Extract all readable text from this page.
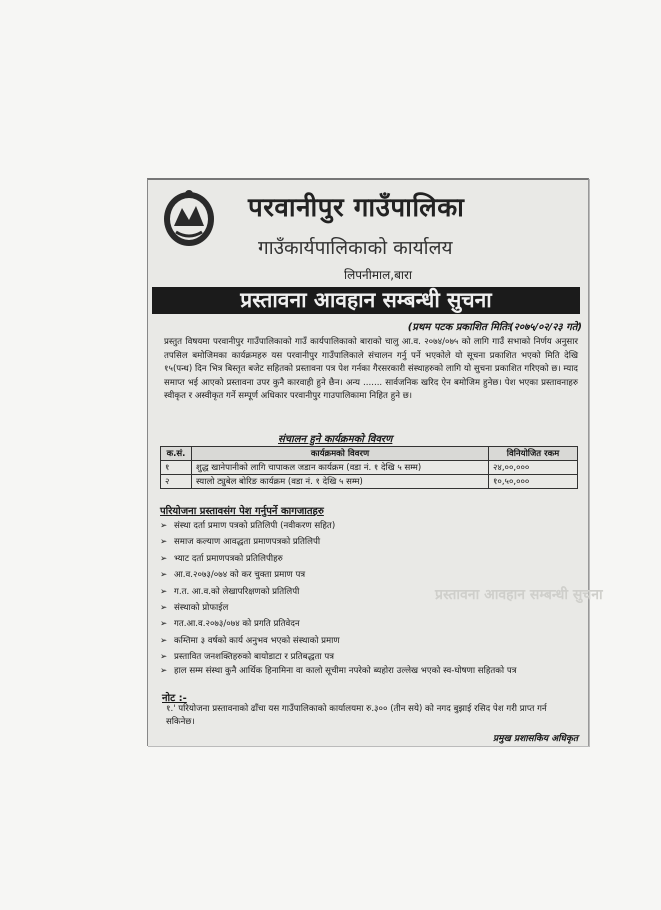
परवानीपुर गाउँपालिका
गाउँकार्यपालिकाको कार्यालय
लिपनीमाल,बारा
प्रस्तावना आवहान सम्बन्धी सुचना
(प्रथम पटक प्रकाशित मितिः(२०७५/०२/२३ गते)
प्रस्तुत विषयमा परवानीपुर गाउँपालिकाको गाउँ कार्यपालिकाको बाराको चालु आ.व. २०७४/०७५ को लागि गाउँ सभाको निर्णय अनुसार तपसिल बमोजिमका कार्यक्रमहरु यस परवानीपुर गाउँपालिकाले संचालन गर्नु पर्ने भएकोले यो सूचना प्रकाशित भएको मिति देखि १५(पन्ध) दिन भित्र बिस्तृत बजेट सहितको प्रस्तावना पत्र पेश गर्नका गैरसरकारी संस्थाहरुको लागि यो सुचना प्रकाशित गरिएको छ। म्याद समाप्त भई आएको प्रस्तावना उपर कुनै कारवाही हुने छैन। अन्य ....... सार्वजनिक खरिद ऐन बमोजिम हुनेछ। पेश भएका प्रस्तावनाहरु स्वीकृत र अस्वीकृत गर्ने सम्पूर्ण अधिकार परवानीपुर गाउपालिकामा निहित हुने छ।
संचालन हुने कार्यक्रमको विवरण
क.सं.	कार्यक्रमको विवरण	विनियोजित रकम
१	शुद्ध खानेपानीको लागि चापाकल जडान कार्यक्रम (वडा नं. १ देखि ५ सम्म)	२४,००,०००
२	स्यालो ट्युबेल बोरिङ कार्यक्रम (वडा नं. १ देखि ५ सम्म)	१०,५०,०००
परियोजना प्रस्तावसंग पेश गर्नुपर्ने कागजातहरु
➢ संस्था दर्ता प्रमाण पत्रको प्रतिलिपी (नवीकरण सहित)
➢ समाज कल्याण आवद्धता प्रमाणपत्रको प्रतिलिपी
➢ भ्याट दर्ता प्रमाणपत्रको प्रतिलिपीहरु
➢ आ.व.२०७३/०७४ को कर चुक्ता प्रमाण पत्र
➢ ग.त. आ.व.को लेखापरिक्षणको प्रतिलिपी
➢ संस्थाको प्रोफाईल
➢ गत.आ.व.२०७३/०७४ को प्रगति प्रतिवेदन
➢ कम्तिमा ३ वर्षको कार्य अनुभव भएको संस्थाको प्रमाण
➢ प्रस्तावित जनशक्तिहरुको बायोडाटा र प्रतिबद्धता पत्र
➢ हाल सम्म संस्था कुनै आर्थिक हिनामिना वा कालो सूचीमा नपरेको ब्यहोरा उल्लेख भएको स्व-घोषणा सहितको पत्र
नोट :-
१.' परियोजना प्रस्तावनाको ढाँचा यस गाउँपालिकाको कार्यालयमा रु.३०० (तीन सये) को नगद बुझाई रसिद पेश गरी प्राप्त गर्न सकिनेछ।
प्रमुख प्रशासकिय अधिकृत
प्रस्तावना आवहान सम्बन्धी सुचना
